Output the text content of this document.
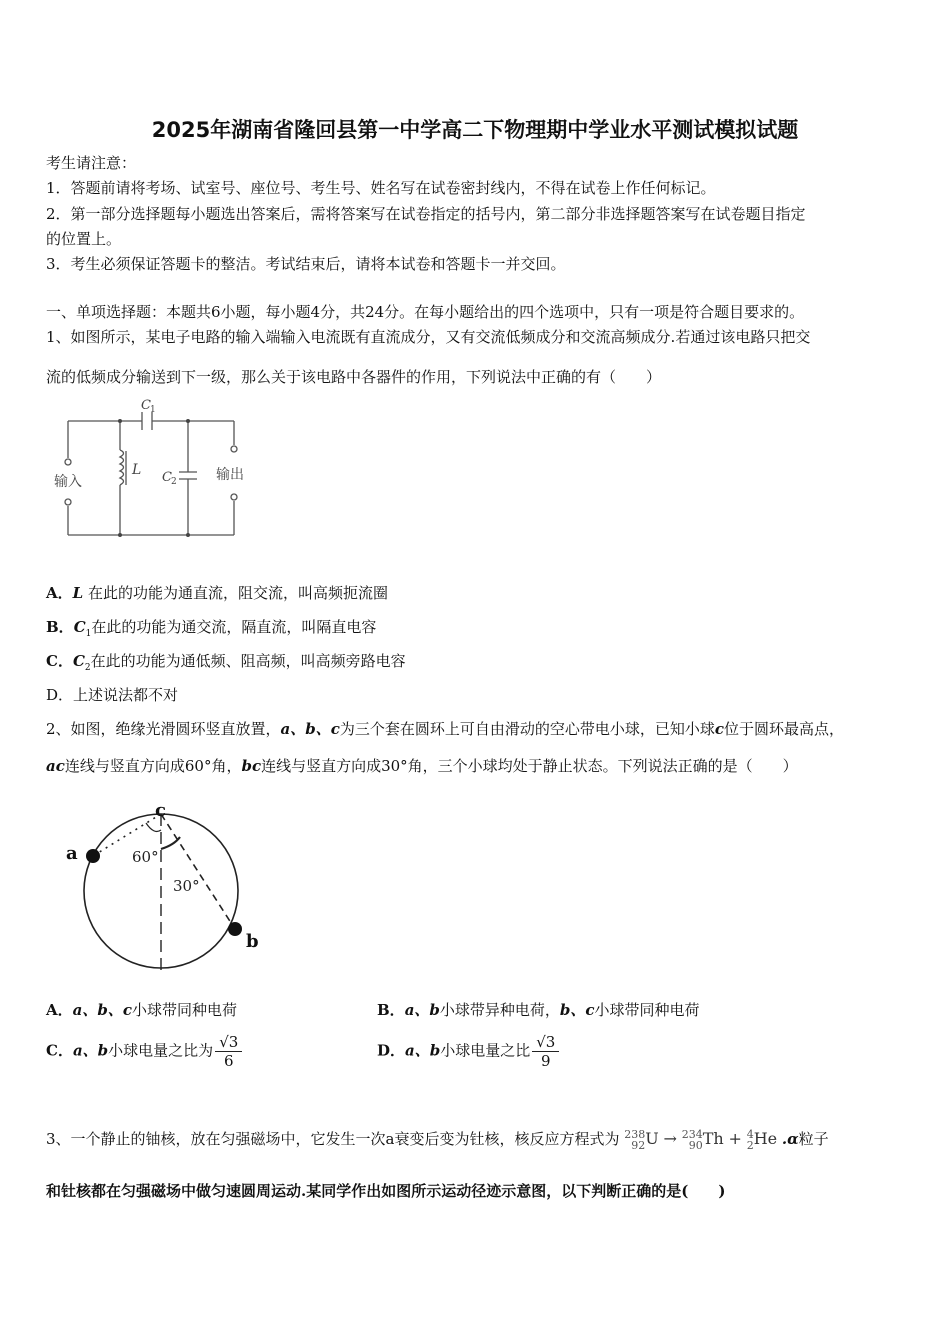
2025年湖南省隆回县第一中学高二下物理期中学业水平测试模拟试题
考生请注意：
1．答题前请将考场、试室号、座位号、考生号、姓名写在试卷密封线内，不得在试卷上作任何标记。
2．第一部分选择题每小题选出答案后，需将答案写在试卷指定的括号内，第二部分非选择题答案写在试卷题目指定
的位置上。
3．考生必须保证答题卡的整洁。考试结束后，请将本试卷和答题卡一并交回。
一、单项选择题：本题共6小题，每小题4分，共24分。在每小题给出的四个选项中，只有一项是符合题目要求的。
1、如图所示，某电子电路的输入端输入电流既有直流成分，又有交流低频成分和交流高频成分.若通过该电路只把交
流的低频成分输送到下一级，那么关于该电路中各器件的作用，下列说法中正确的有（　　）
输入	输出
C 1
L C 2
A．L 在此的功能为通直流，阻交流，叫高频扼流圈
B．$C_1$在此的功能为通交流，隔直流，叫隔直电容
C．$C_2$在此的功能为通低频、阻高频，叫高频旁路电容
D．上述说法都不对
2、如图，绝缘光滑圆环竖直放置，a、b、c为三个套在圆环上可自由滑动的空心带电小球，已知小球c位于圆环最高点，
ac连线与竖直方向成60°角，bc连线与竖直方向成30°角，三个小球均处于静止状态。下列说法正确的是（　　）
c
a
b
60°
30°
A．a、b、c小球带同种电荷	B．a、b小球带异种电荷，b、c小球带同种电荷
C．a、b小球电量之比为 $\frac{√3}{6}$	D．a、b小球电量之比 $\frac{√3}{9}$
3、一个静止的铀核，放在匀强磁场中，它发生一次a衰变后变为钍核，核反应方程式为 238
92 U → 234
90 Th + 4
2 He .α粒子
和钍核都在匀强磁场中做匀速圆周运动.某同学作出如图所示运动径迹示意图，以下判断正确的是(　　)
